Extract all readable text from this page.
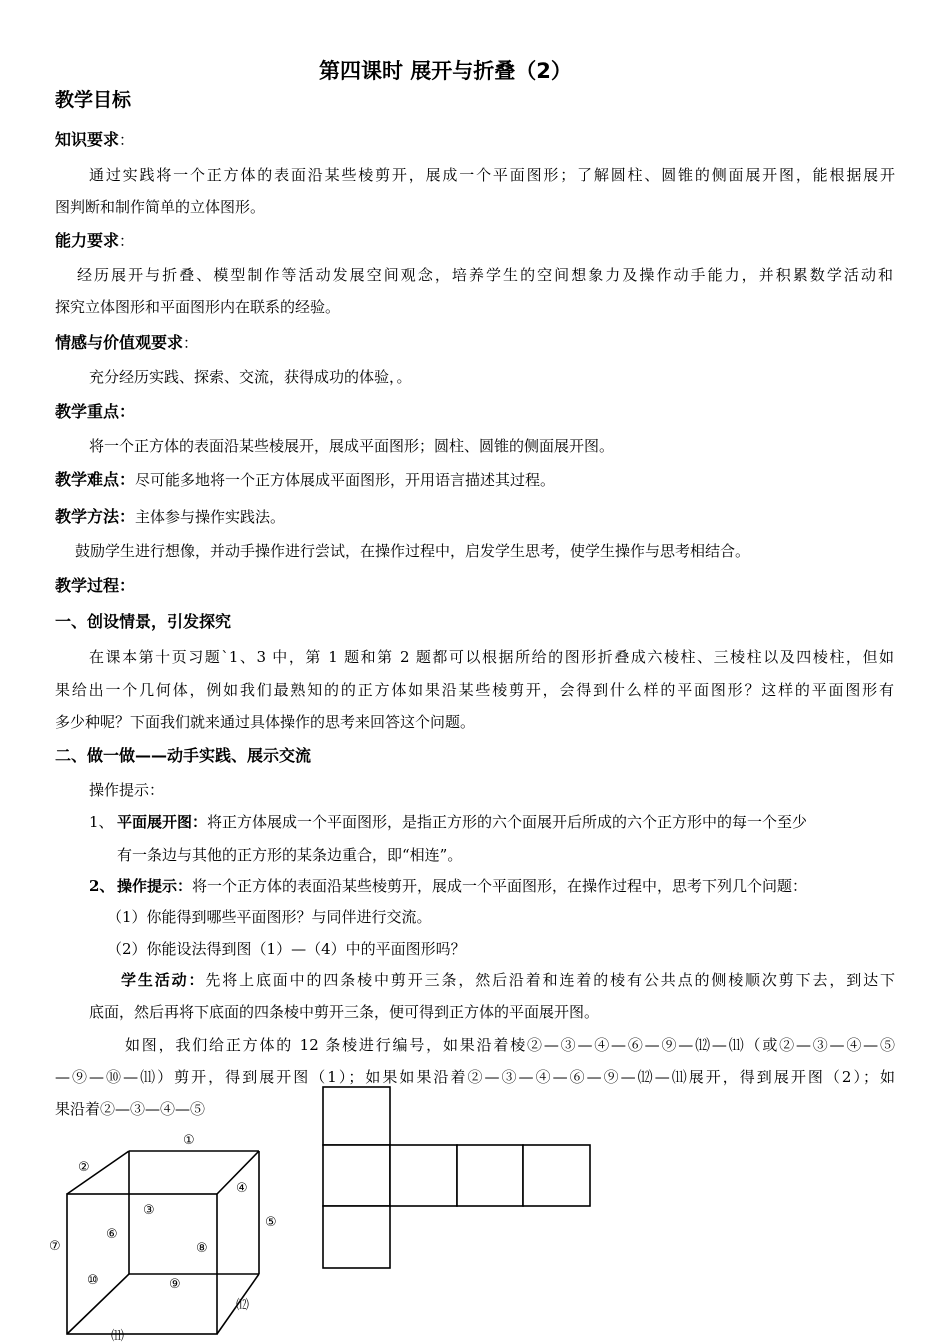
第四课时 展开与折叠（2）
教学目标
知识要求：
通过实践将一个正方体的表面沿某些棱剪开，展成一个平面图形；了解圆柱、圆锥的侧面展开图，能根据展开
图判断和制作简单的立体图形。
能力要求：
经历展开与折叠、模型制作等活动发展空间观念，培养学生的空间想象力及操作动手能力，并积累数学活动和
探究立体图形和平面图形内在联系的经验。
情感与价值观要求：
充分经历实践、探索、交流，获得成功的体验，。
教学重点：
将一个正方体的表面沿某些棱展开，展成平面图形；圆柱、圆锥的侧面展开图。
教学难点：尽可能多地将一个正方体展成平面图形，开用语言描述其过程。
教学方法：主体参与操作实践法。
鼓励学生进行想像，并动手操作进行尝试，在操作过程中，启发学生思考，使学生操作与思考相结合。
教学过程：
一、创设情景，引发探究
在课本第十页习题`1、3 中，第 1 题和第 2 题都可以根据所给的图形折叠成六棱柱、三棱柱以及四棱柱，但如
果给出一个几何体，例如我们最熟知的的正方体如果沿某些棱剪开，会得到什么样的平面图形？这样的平面图形有
多少种呢？下面我们就来通过具体操作的思考来回答这个问题。
二、做一做——动手实践、展示交流
操作提示：
1、 平面展开图：将正方体展成一个平面图形，是指正方形的六个面展开后所成的六个正方形中的每一个至少
有一条边与其他的正方形的某条边重合，即“相连”。
2、 操作提示：将一个正方体的表面沿某些棱剪开，展成一个平面图形，在操作过程中，思考下列几个问题：
（1）你能得到哪些平面图形？与同伴进行交流。
（2）你能设法得到图（1）—（4）中的平面图形吗？
学生活动：先将上底面中的四条棱中剪开三条，然后沿着和连着的棱有公共点的侧棱顺次剪下去，到达下
底面，然后再将下底面的四条棱中剪开三条，便可得到正方体的平面展开图。
如图，我们给正方体的 12 条棱进行编号，如果沿着棱②—③—④—⑥—⑨—⑿—⑾（或②—③—④—⑤
—⑨—⑩—⑾）剪开，得到展开图（1）；如果如果沿着②—③—④—⑥—⑨—⑿—⑾展开，得到展开图（2）；如
果沿着②—③—④—⑤
①
②
③
④
⑤
⑥
⑦	⑧
⑨
⑩
⑾
⑿
